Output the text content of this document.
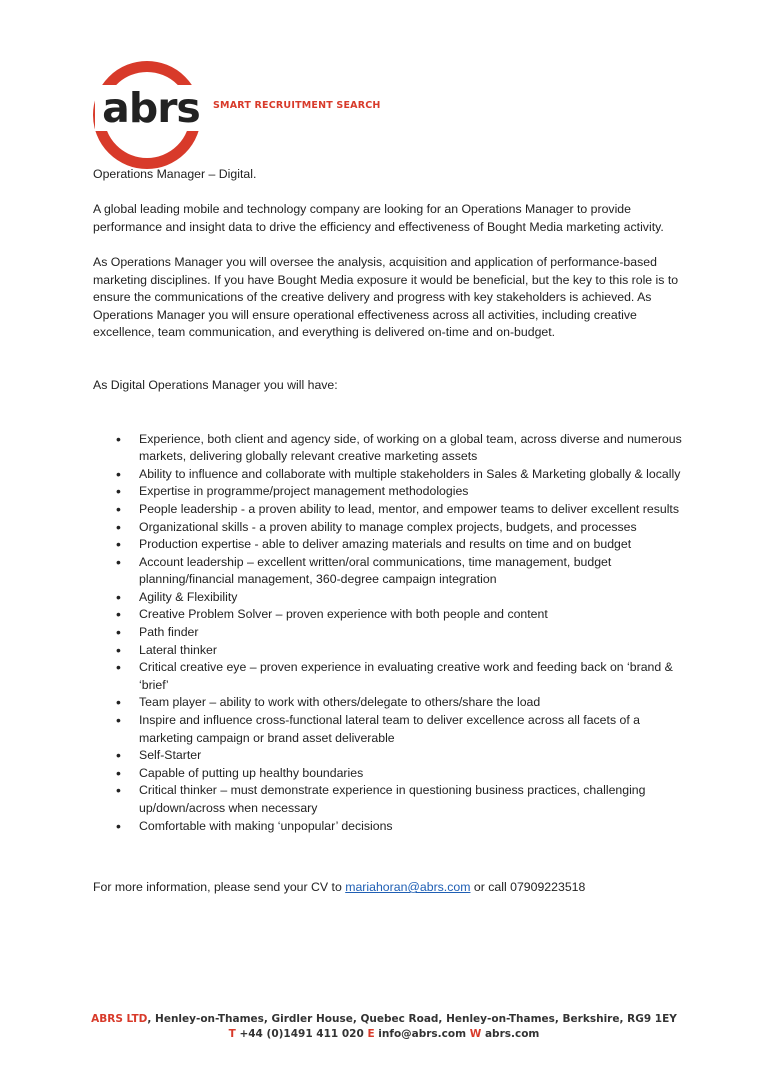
abrs	SMART RECRUITMENT SEARCH

Operations Manager – Digital.

A global leading mobile and technology company are looking for an Operations Manager to provide performance and insight data to drive the efficiency and effectiveness of Bought Media marketing activity.

As Operations Manager you will oversee the analysis, acquisition and application of performance-based marketing disciplines. If you have Bought Media exposure it would be beneficial, but the key to this role is to ensure the communications of the creative delivery and progress with key stakeholders is achieved. As Operations Manager you will ensure operational effectiveness across all activities, including creative excellence, team communication, and everything is delivered on-time and on-budget.

As Digital Operations Manager you will have:

• Experience, both client and agency side, of working on a global team, across diverse and numerous markets, delivering globally relevant creative marketing assets
• Ability to influence and collaborate with multiple stakeholders in Sales & Marketing globally & locally
• Expertise in programme/project management methodologies
• People leadership - a proven ability to lead, mentor, and empower teams to deliver excellent results
• Organizational skills - a proven ability to manage complex projects, budgets, and processes
• Production expertise - able to deliver amazing materials and results on time and on budget
• Account leadership – excellent written/oral communications, time management, budget planning/financial management, 360-degree campaign integration
• Agility & Flexibility
• Creative Problem Solver – proven experience with both people and content
• Path finder
• Lateral thinker
• Critical creative eye – proven experience in evaluating creative work and feeding back on ‘brand & ‘brief’
• Team player – ability to work with others/delegate to others/share the load
• Inspire and influence cross-functional lateral team to deliver excellence across all facets of a marketing campaign or brand asset deliverable
• Self-Starter
• Capable of putting up healthy boundaries
• Critical thinker – must demonstrate experience in questioning business practices, challenging up/down/across when necessary
• Comfortable with making ‘unpopular’ decisions

For more information, please send your CV to mariahoran@abrs.com or call 07909223518

ABRS LTD, Henley-on-Thames, Girdler House, Quebec Road, Henley-on-Thames, Berkshire, RG9 1EY
T +44 (0)1491 411 020 E info@abrs.com W abrs.com
